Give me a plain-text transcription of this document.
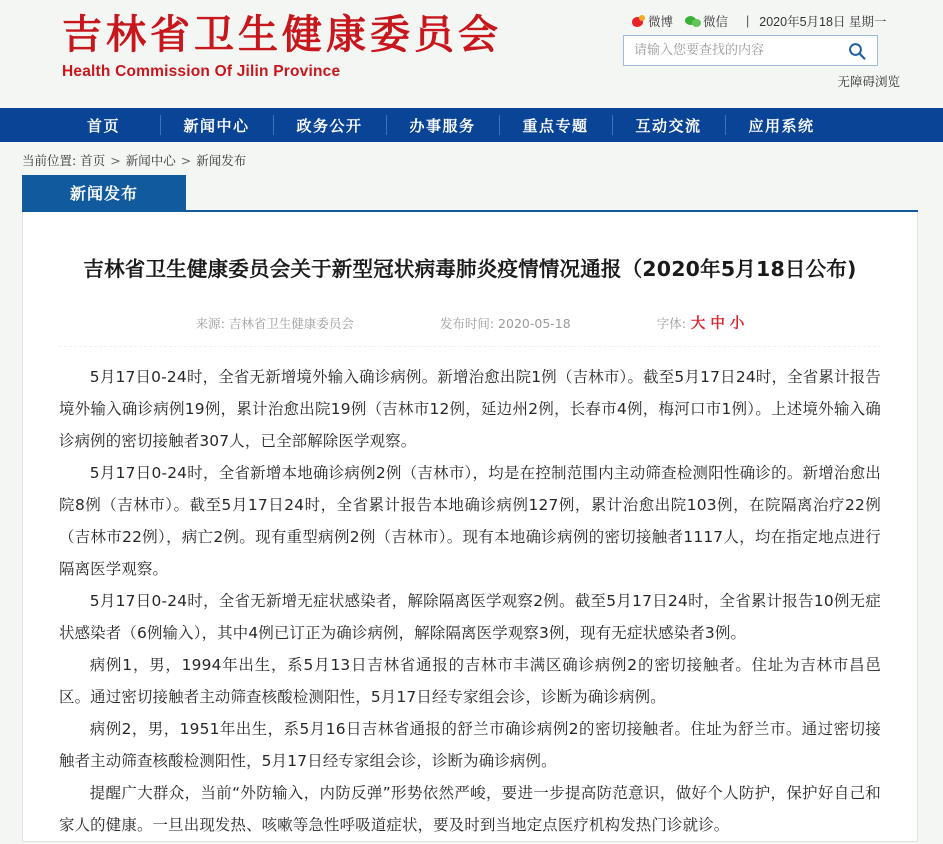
吉林省卫生健康委员会
Health Commission Of Jilin Province
微博 微信 | 2020年5月18日 星期一
请输入您要查找的内容
无障碍浏览
首页	新闻中心	政务公开	办事服务	重点专题	互动交流	应用系统
当前位置:
首页 > 新闻中心 > 新闻发布
新闻发布
吉林省卫生健康委员会关于新型冠状病毒肺炎疫情情况通报（2020年5月18日公布)
来源: 吉林省卫生健康委员会	发布时间: 2020-05-18	字体: 大 中 小

5月17日0-24时，全省无新增境外输入确诊病例。新增治愈出院1例（吉林市）。截至5月17日24时，全省累计报告境外输入确诊病例19例，累计治愈出院19例（吉林市12例，延边州2例，长春市4例，梅河口市1例）。上述境外输入确诊病例的密切接触者307人，已全部解除医学观察。

5月17日0-24时，全省新增本地确诊病例2例（吉林市），均是在控制范围内主动筛查检测阳性确诊的。新增治愈出院8例（吉林市）。截至5月17日24时，全省累计报告本地确诊病例127例，累计治愈出院103例，在院隔离治疗22例（吉林市22例），病亡2例。现有重型病例2例（吉林市）。现有本地确诊病例的密切接触者1117人，均在指定地点进行隔离医学观察。

5月17日0-24时，全省无新增无症状感染者，解除隔离医学观察2例。截至5月17日24时，全省累计报告10例无症状感染者（6例输入），其中4例已订正为确诊病例，解除隔离医学观察3例，现有无症状感染者3例。

病例1，男，1994年出生，系5月13日吉林省通报的吉林市丰满区确诊病例2的密切接触者。住址为吉林市昌邑区。通过密切接触者主动筛查核酸检测阳性，5月17日经专家组会诊，诊断为确诊病例。

病例2，男，1951年出生，系5月16日吉林省通报的舒兰市确诊病例2的密切接触者。住址为舒兰市。通过密切接触者主动筛查核酸检测阳性，5月17日经专家组会诊，诊断为确诊病例。

提醒广大群众，当前“外防输入，内防反弹”形势依然严峻，要进一步提高防范意识，做好个人防护，保护好自己和家人的健康。一旦出现发热、咳嗽等急性呼吸道症状，要及时到当地定点医疗机构发热门诊就诊。
